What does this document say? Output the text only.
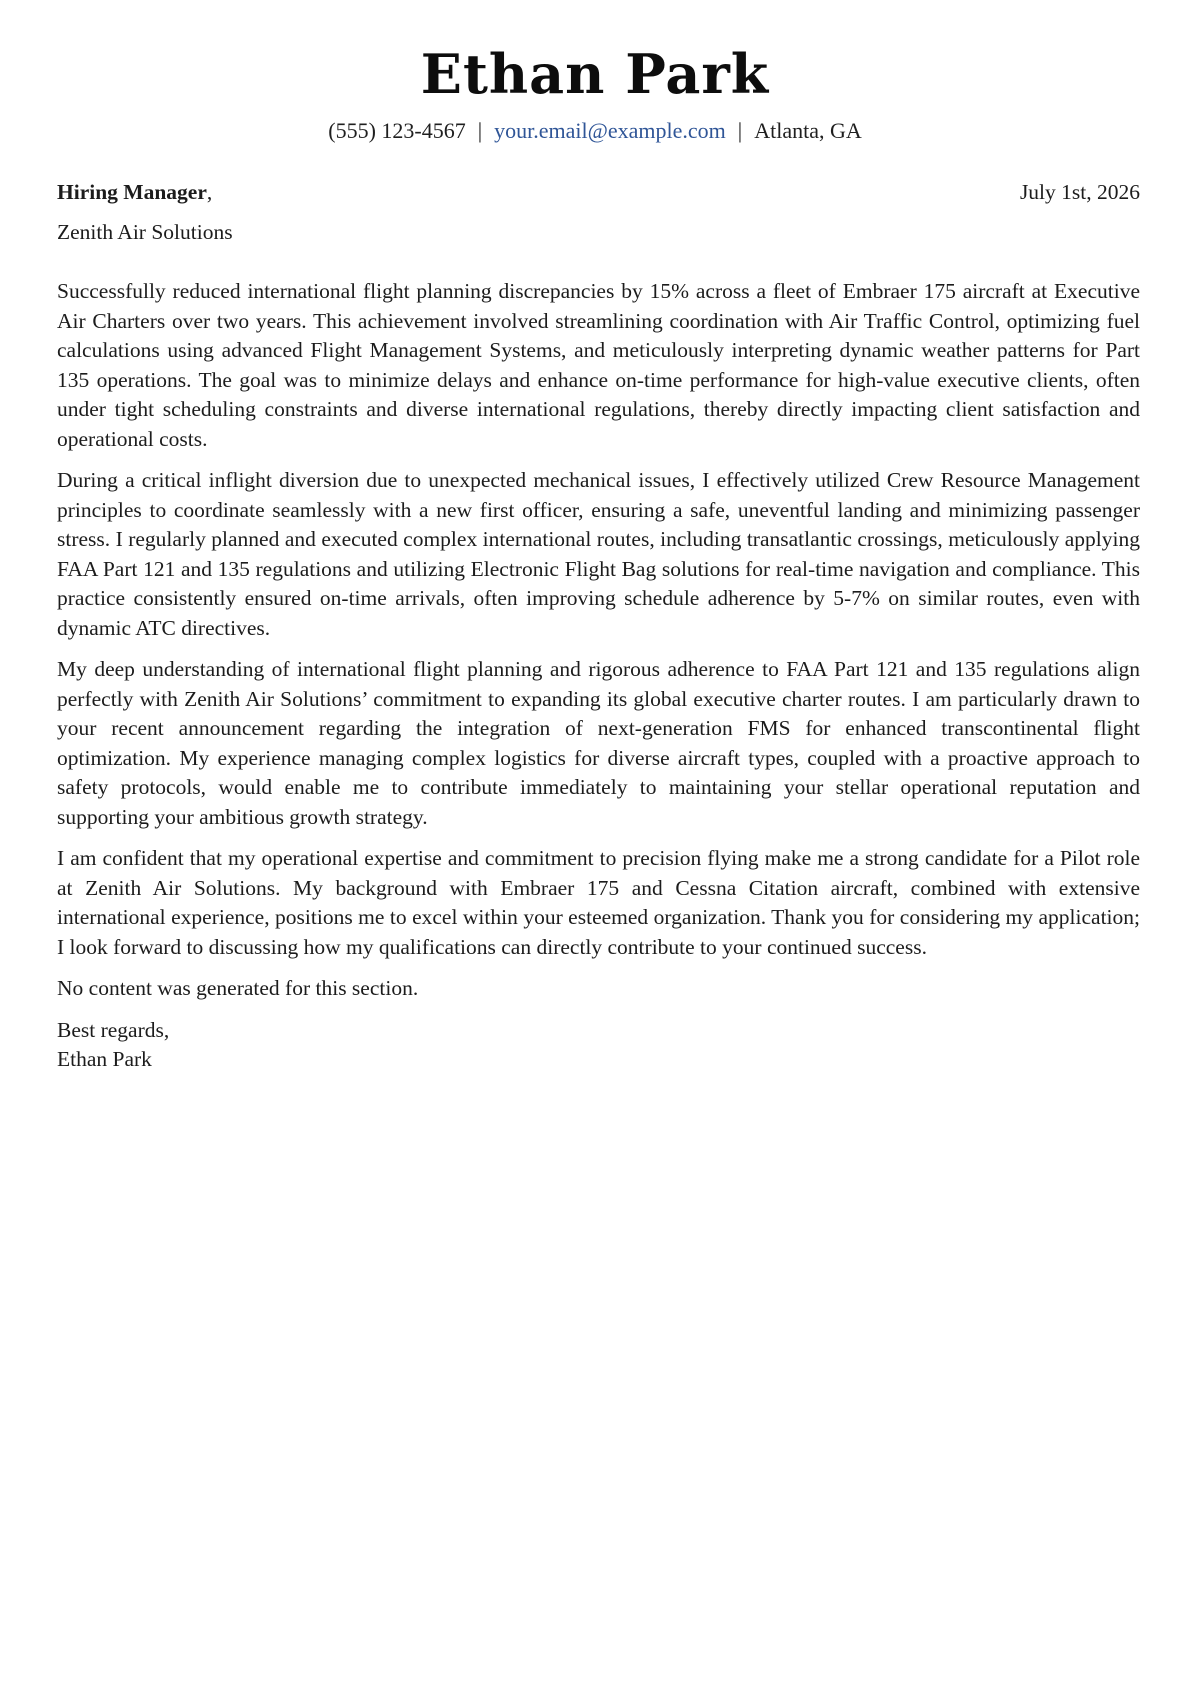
Ethan Park
(555) 123-4567 | your.email@example.com | Atlanta, GA
Hiring Manager,	July 1st, 2026
Zenith Air Solutions

Successfully reduced international flight planning discrepancies by 15% across a fleet of Embraer 175 aircraft at Executive Air Charters over two years. This achievement involved streamlining coordination with Air Traffic Control, optimizing fuel calculations using advanced Flight Management Systems, and meticulously interpreting dynamic weather patterns for Part 135 operations. The goal was to minimize delays and enhance on-time performance for high-value executive clients, often under tight scheduling constraints and diverse international regulations, thereby directly impacting client satisfaction and operational costs.

During a critical inflight diversion due to unexpected mechanical issues, I effectively utilized Crew Resource Management principles to coordinate seamlessly with a new first officer, ensuring a safe, uneventful landing and minimizing passenger stress. I regularly planned and executed complex international routes, including transatlantic crossings, meticulously applying FAA Part 121 and 135 regulations and utilizing Electronic Flight Bag solutions for real-time navigation and compliance. This practice consistently ensured on-time arrivals, often improving schedule adherence by 5-7% on similar routes, even with dynamic ATC directives.

My deep understanding of international flight planning and rigorous adherence to FAA Part 121 and 135 regulations align perfectly with Zenith Air Solutions’ commitment to expanding its global executive charter routes. I am particularly drawn to your recent announcement regarding the integration of next-generation FMS for enhanced transcontinental flight optimization. My experience managing complex logistics for diverse aircraft types, coupled with a proactive approach to safety protocols, would enable me to contribute immediately to maintaining your stellar operational reputation and supporting your ambitious growth strategy.

I am confident that my operational expertise and commitment to precision flying make me a strong candidate for a Pilot role at Zenith Air Solutions. My background with Embraer 175 and Cessna Citation aircraft, combined with extensive international experience, positions me to excel within your esteemed organization. Thank you for considering my application; I look forward to discussing how my qualifications can directly contribute to your continued success.

No content was generated for this section.

Best regards,
Ethan Park
